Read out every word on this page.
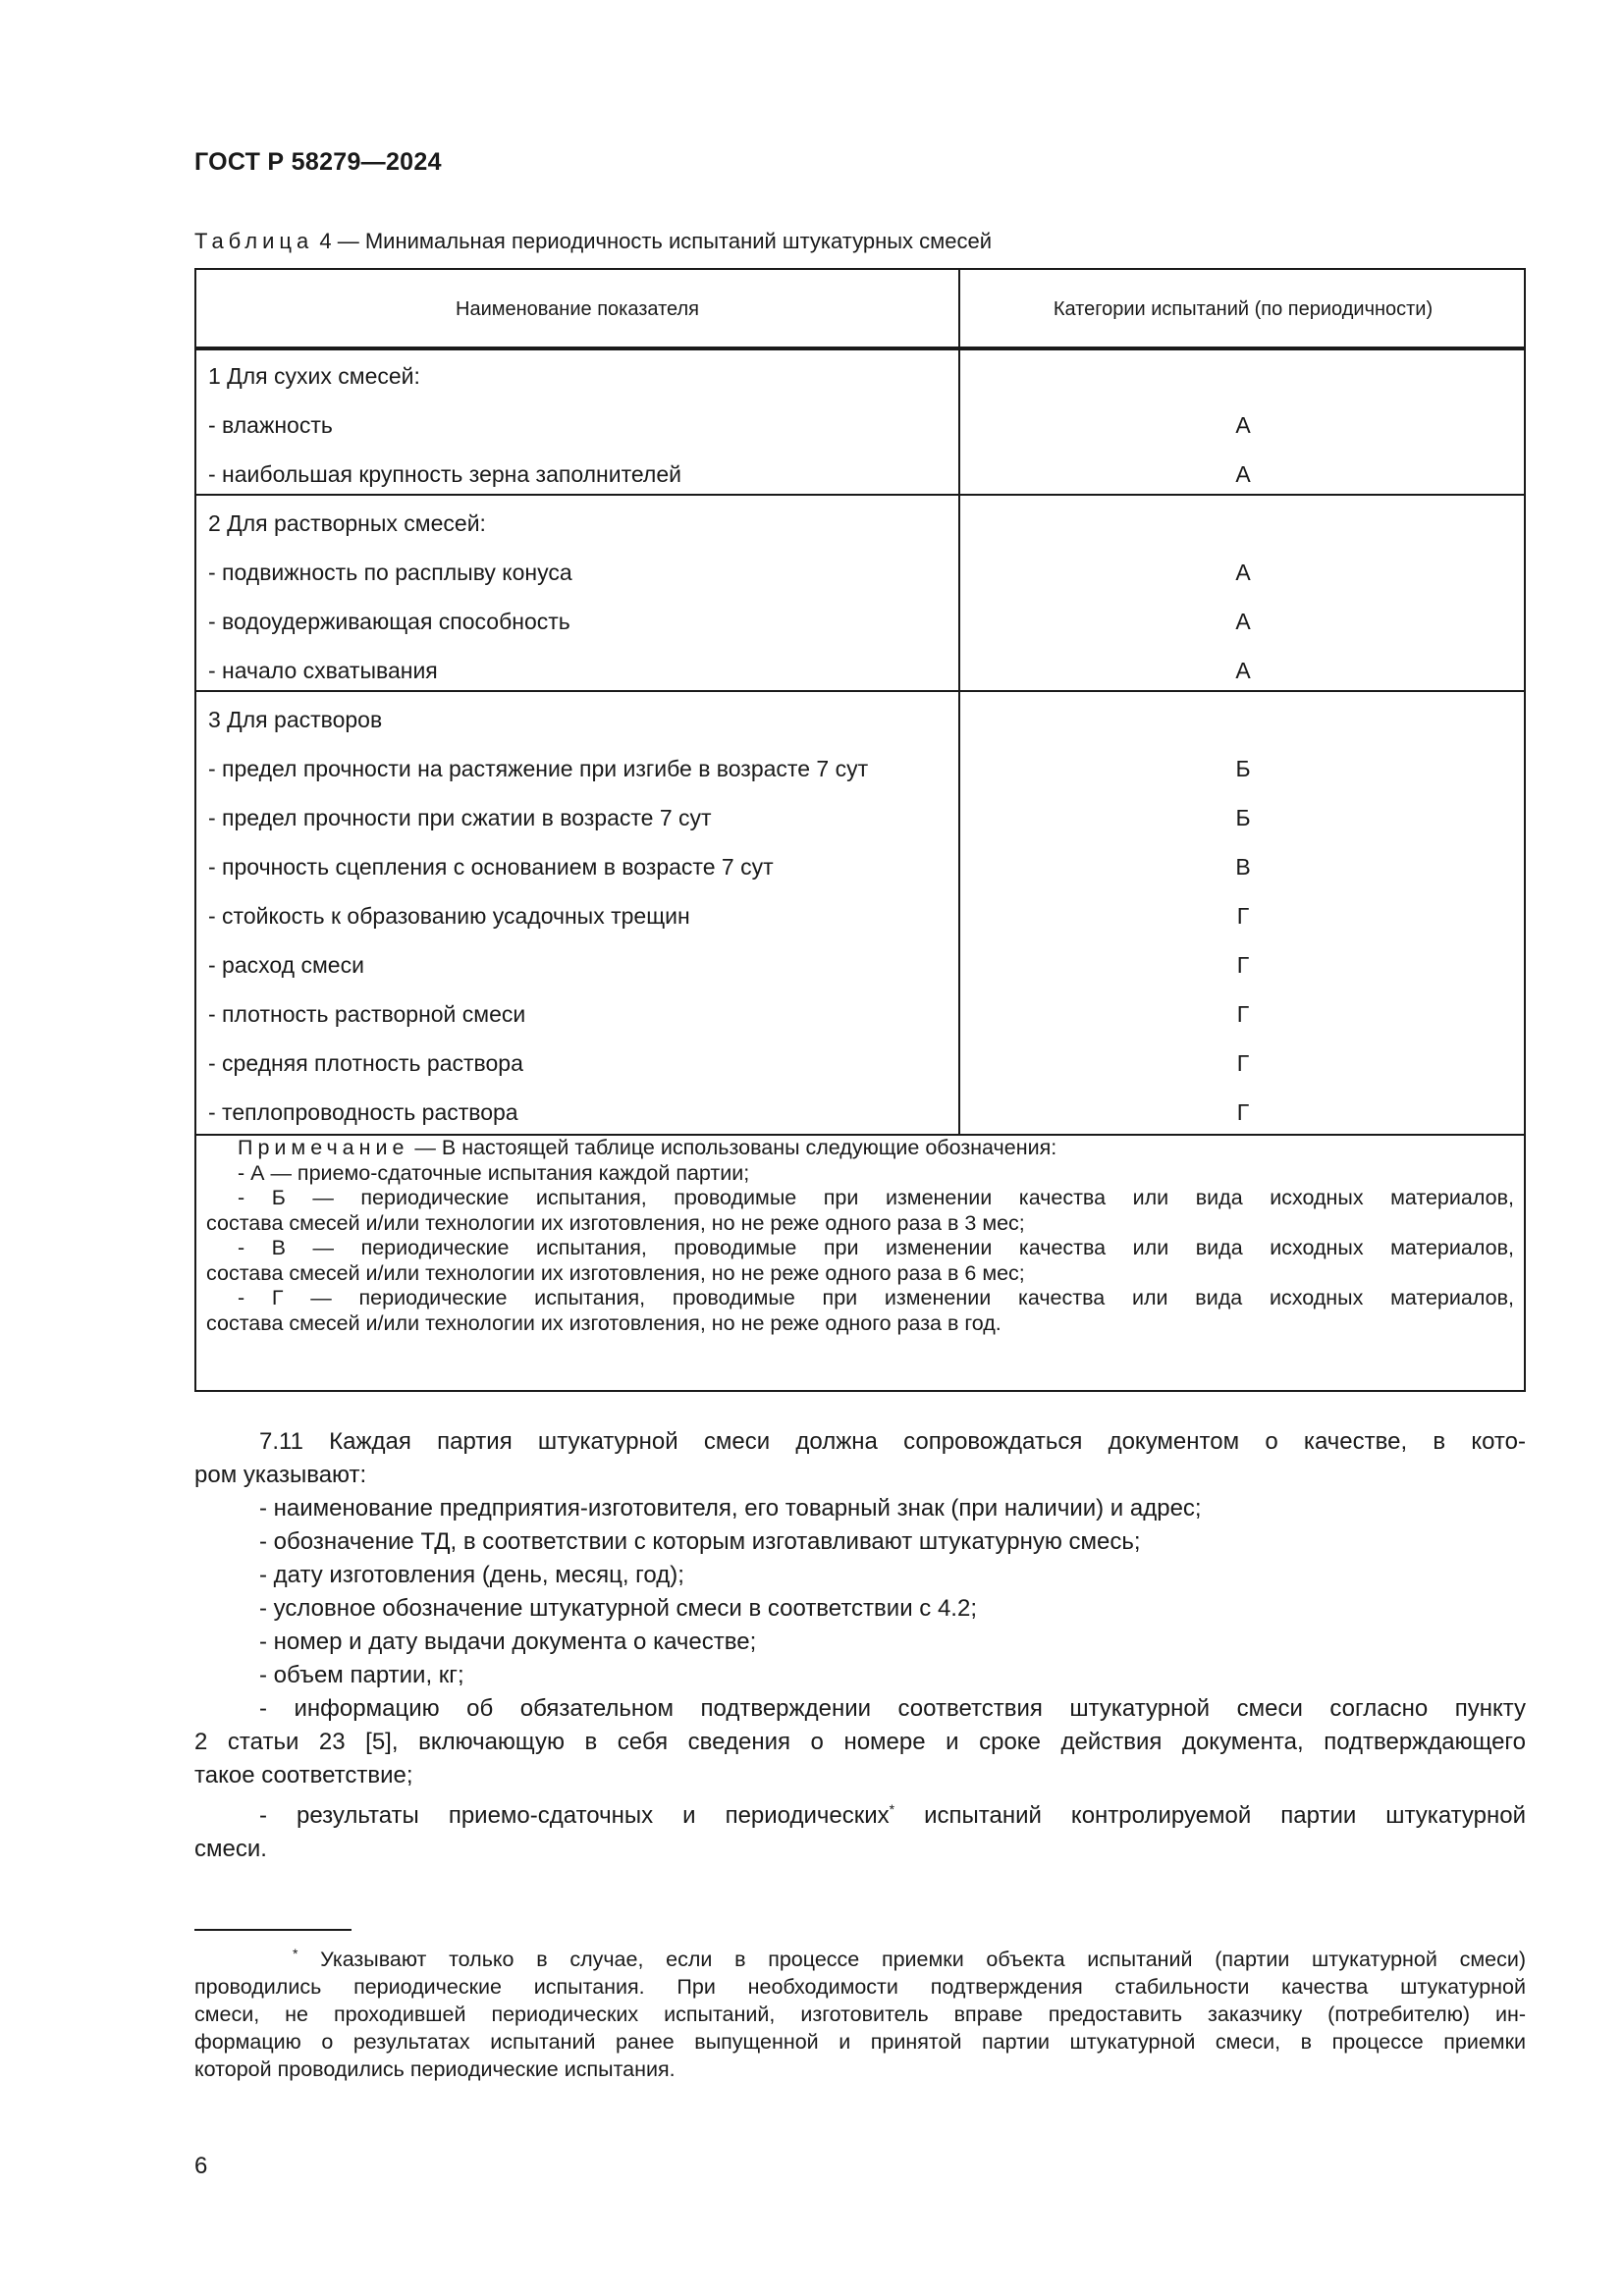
ГОСТ Р 58279—2024
Таблица 4 — Минимальная периодичность испытаний штукатурных смесей
Наименование показателя	Категории испытаний (по периодичности)
1 Для сухих смесей:
- влажность	А
- наибольшая крупность зерна заполнителей	А
2 Для растворных смесей:
- подвижность по расплыву конуса	А
- водоудерживающая способность	А
- начало схватывания	А
3 Для растворов
- предел прочности на растяжение при изгибе в возрасте 7 сут	Б
- предел прочности при сжатии в возрасте 7 сут	Б
- прочность сцепления с основанием в возрасте 7 сут	В
- стойкость к образованию усадочных трещин	Г
- расход смеси	Г
- плотность растворной смеси	Г
- средняя плотность раствора	Г
- теплопроводность раствора	Г

Примечание — В настоящей таблице использованы следующие обозначения:

- А — приемо-сдаточные испытания каждой партии;

- Б — периодические испытания, проводимые при изменении качества или вида исходных материалов,

состава смесей и/или технологии их изготовления, но не реже одного раза в 3 мес;

- В — периодические испытания, проводимые при изменении качества или вида исходных материалов,

состава смесей и/или технологии их изготовления, но не реже одного раза в 6 мес;

- Г — периодические испытания, проводимые при изменении качества или вида исходных материалов,

состава смесей и/или технологии их изготовления, но не реже одного раза в год.

7.11 Каждая партия штукатурной смеси должна сопровождаться документом о качестве, в кото-

ром указывают:

- наименование предприятия-изготовителя, его товарный знак (при наличии) и адрес;

- обозначение ТД, в соответствии с которым изготавливают штукатурную смесь;

- дату изготовления (день, месяц, год);

- условное обозначение штукатурной смеси в соответствии с 4.2;

- номер и дату выдачи документа о качестве;

- объем партии, кг;

- информацию об обязательном подтверждении соответствия штукатурной смеси согласно пункту

2 статьи 23 [5], включающую в себя сведения о номере и сроке действия документа, подтверждающего

такое соответствие;

- результаты приемо-сдаточных и периодических* испытаний контролируемой партии штукатурной

смеси.

* Указывают только в случае, если в процессе приемки объекта испытаний (партии штукатурной смеси)

проводились периодические испытания. При необходимости подтверждения стабильности качества штукатурной

смеси, не проходившей периодических испытаний, изготовитель вправе предоставить заказчику (потребителю) ин-

формацию о результатах испытаний ранее выпущенной и принятой партии штукатурной смеси, в процессе приемки

которой проводились периодические испытания.

6
